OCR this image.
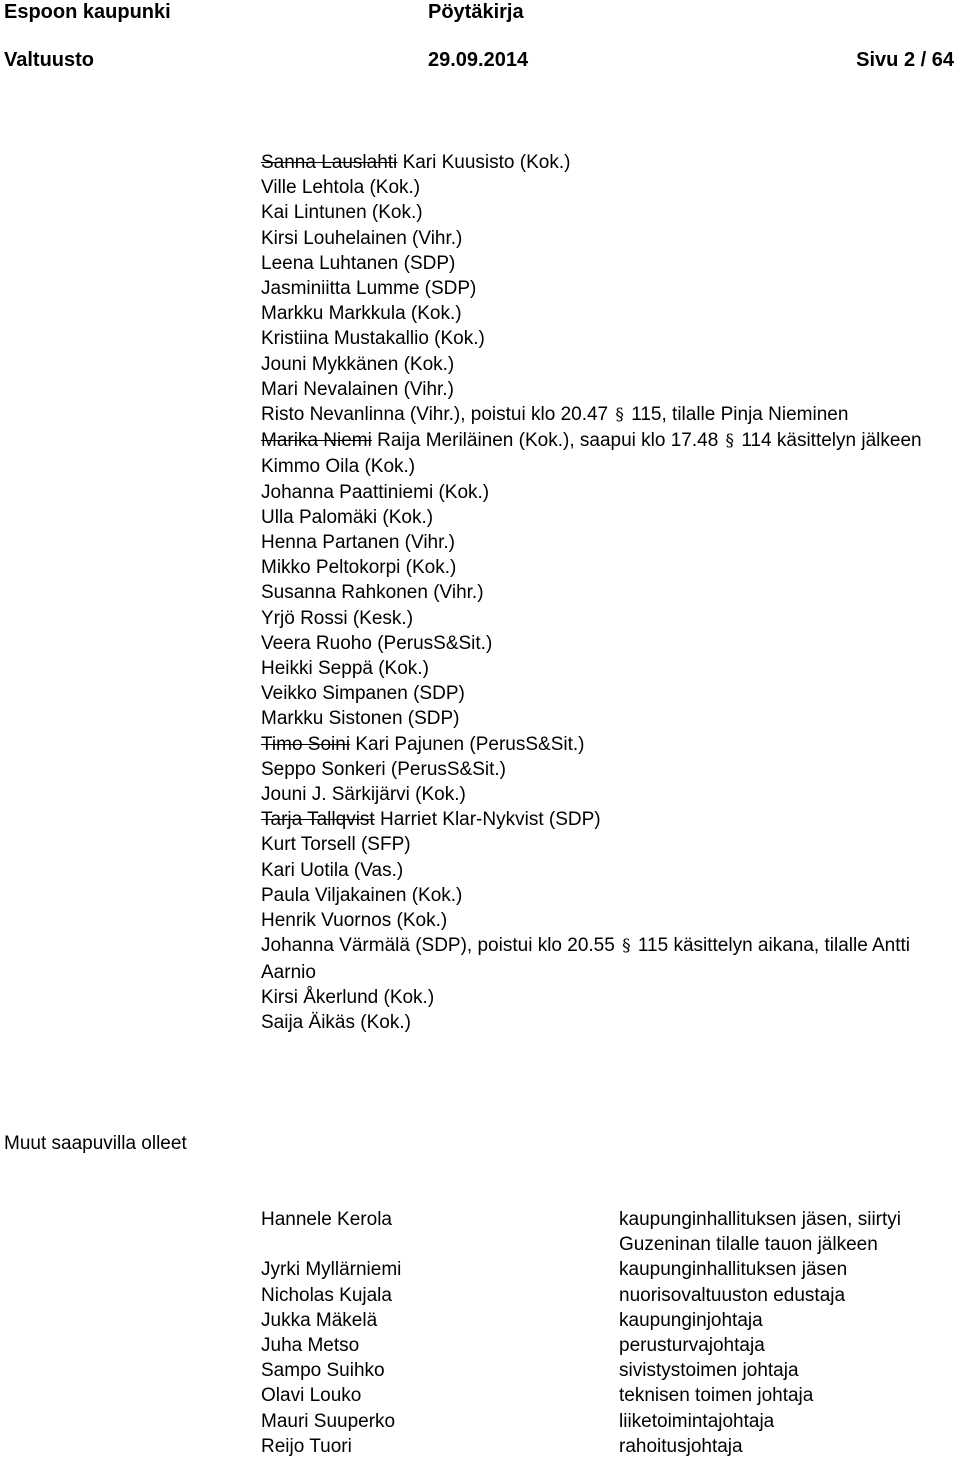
Espoon kaupunki	Pöytäkirja
Valtuusto	29.09.2014	Sivu 2 / 64
Sanna Lauslahti Kari Kuusisto (Kok.)
Ville Lehtola (Kok.)
Kai Lintunen (Kok.)
Kirsi Louhelainen (Vihr.)
Leena Luhtanen (SDP)
Jasminiitta Lumme (SDP)
Markku Markkula (Kok.)
Kristiina Mustakallio (Kok.)
Jouni Mykkänen (Kok.)
Mari Nevalainen (Vihr.)
Risto Nevanlinna (Vihr.), poistui klo 20.47 § 115, tilalle Pinja Nieminen
Marika Niemi Raija Meriläinen (Kok.), saapui klo 17.48 § 114 käsittelyn jälkeen
Kimmo Oila (Kok.)
Johanna Paattiniemi (Kok.)
Ulla Palomäki (Kok.)
Henna Partanen (Vihr.)
Mikko Peltokorpi (Kok.)
Susanna Rahkonen (Vihr.)
Yrjö Rossi (Kesk.)
Veera Ruoho (PerusS&Sit.)
Heikki Seppä (Kok.)
Veikko Simpanen (SDP)
Markku Sistonen (SDP)
Timo Soini Kari Pajunen (PerusS&Sit.)
Seppo Sonkeri (PerusS&Sit.)
Jouni J. Särkijärvi (Kok.)
Tarja Tallqvist Harriet Klar-Nykvist (SDP)
Kurt Torsell (SFP)
Kari Uotila (Vas.)
Paula Viljakainen (Kok.)
Henrik Vuornos (Kok.)
Johanna Värmälä (SDP), poistui klo 20.55 § 115 käsittelyn aikana, tilalle Antti Aarnio
Kirsi Åkerlund (Kok.)
Saija Äikäs (Kok.)
Muut saapuvilla olleet
Hannele Kerola	kaupunginhallituksen jäsen, siirtyi Guzeninan tilalle tauon jälkeen
Jyrki Myllärniemi	kaupunginhallituksen jäsen
Nicholas Kujala	nuorisovaltuuston edustaja
Jukka Mäkelä	kaupunginjohtaja
Juha Metso	perusturvajohtaja
Sampo Suihko	sivistystoimen johtaja
Olavi Louko	teknisen toimen johtaja
Mauri Suuperko	liiketoimintajohtaja
Reijo Tuori	rahoitusjohtaja
